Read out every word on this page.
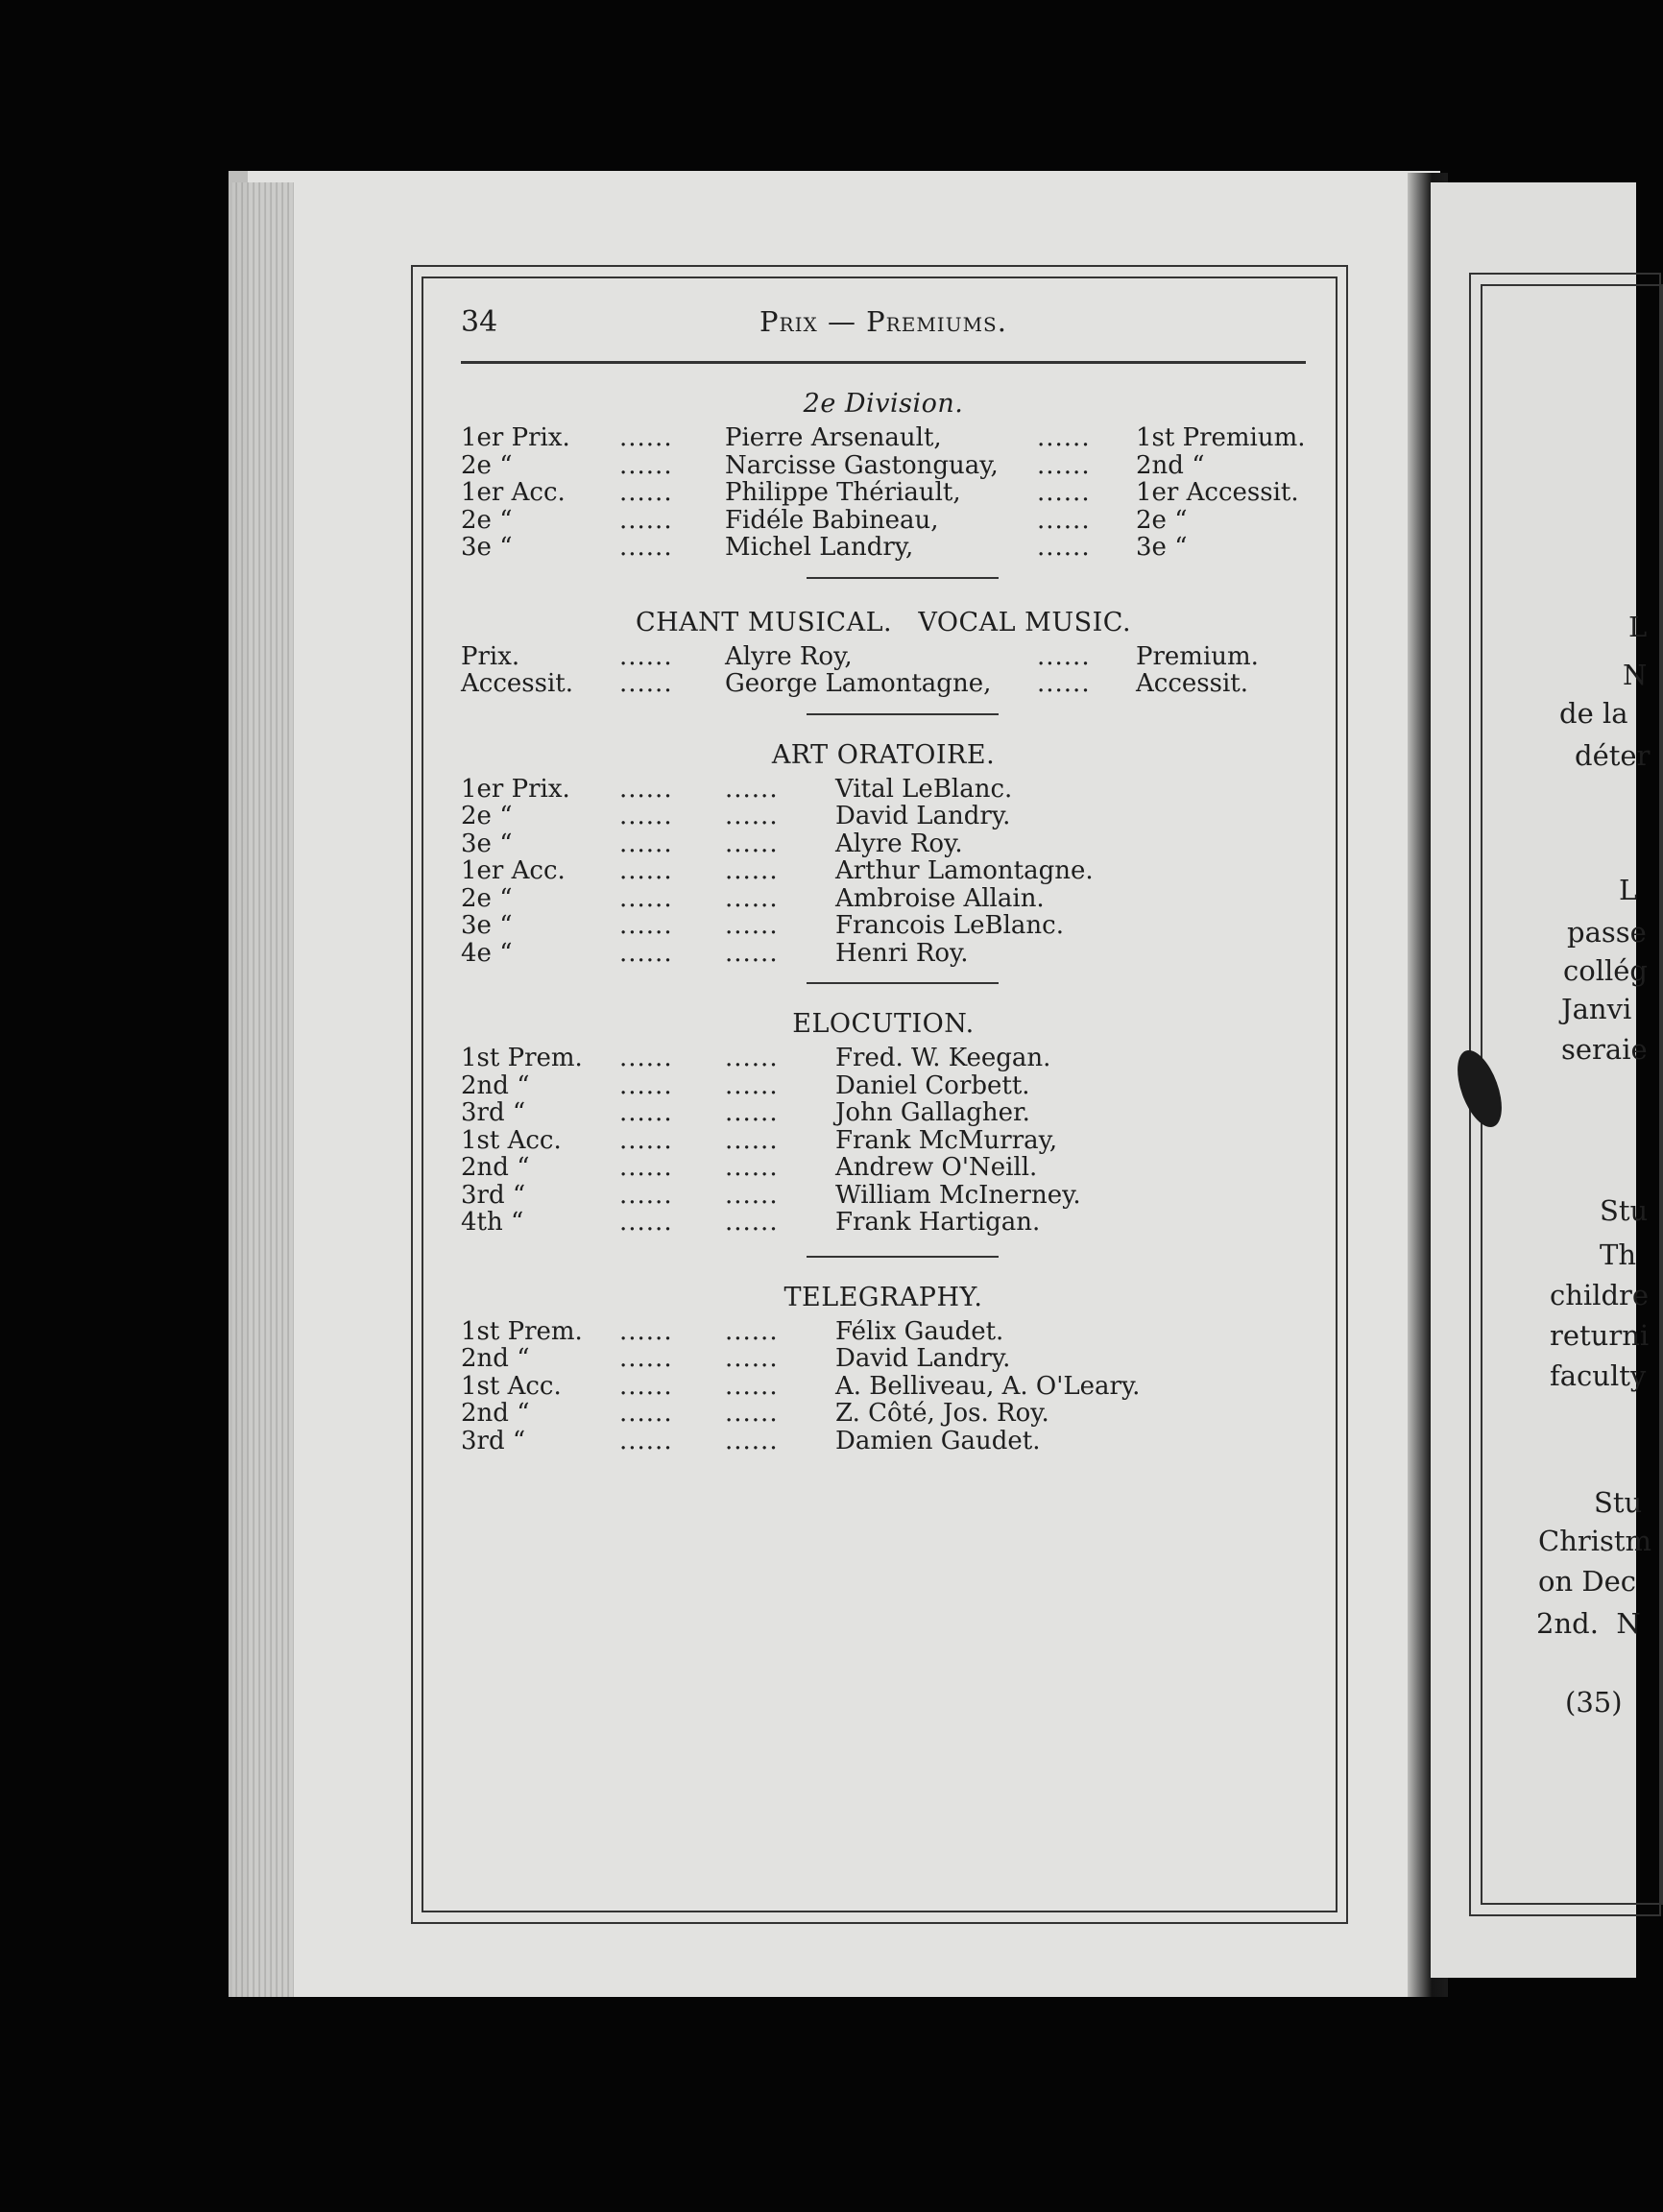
34	Prix — Premiums.
2e Division.
1er Prix. ...... Pierre Arsenault,	...... 1st Premium.
2e “	...... Narcisse Gastonguay, ...... 2nd “
1er Acc. ...... Philippe Thériault,	...... 1er Accessit.
2e “	...... Fidéle Babineau,	...... 2e “
3e “	...... Michel Landry,	...... 3e “
CHANT MUSICAL.   VOCAL MUSIC.
Prix.	...... Alyre Roy,	...... Premium.
Accessit. ...... George Lamontagne, ...... Accessit.
ART ORATOIRE.
1er Prix. ...... ...... Vital LeBlanc.
2e “	...... ...... David Landry.
3e “	...... ...... Alyre Roy.
1er Acc. ...... ...... Arthur Lamontagne.
2e “	...... ...... Ambroise Allain.
3e “	...... ...... Francois LeBlanc.
4e “	...... ...... Henri Roy.
ELOCUTION.
1st Prem. ...... ...... Fred. W. Keegan.
2nd “	...... ...... Daniel Corbett.
3rd “	...... ...... John Gallagher.
1st Acc. ...... ...... Frank McMurray,
2nd “	...... ...... Andrew O'Neill.
3rd “	...... ...... William McInerney.
4th “	...... ...... Frank Hartigan.
TELEGRAPHY.
1st Prem. ...... ...... Félix Gaudet.
2nd “	...... ...... David Landry.
1st Acc. ...... ...... A. Belliveau, A. O'Leary.
2nd “	...... ...... Z. Côté, Jos. Roy.
3rd “	...... ...... Damien Gaudet.
L
N
de la
déter
L
passe
collég
Janvi
seraie
Stu
Th
childre
returni
faculty
Stu
Christm
on Dec
2nd.  N
(35)
